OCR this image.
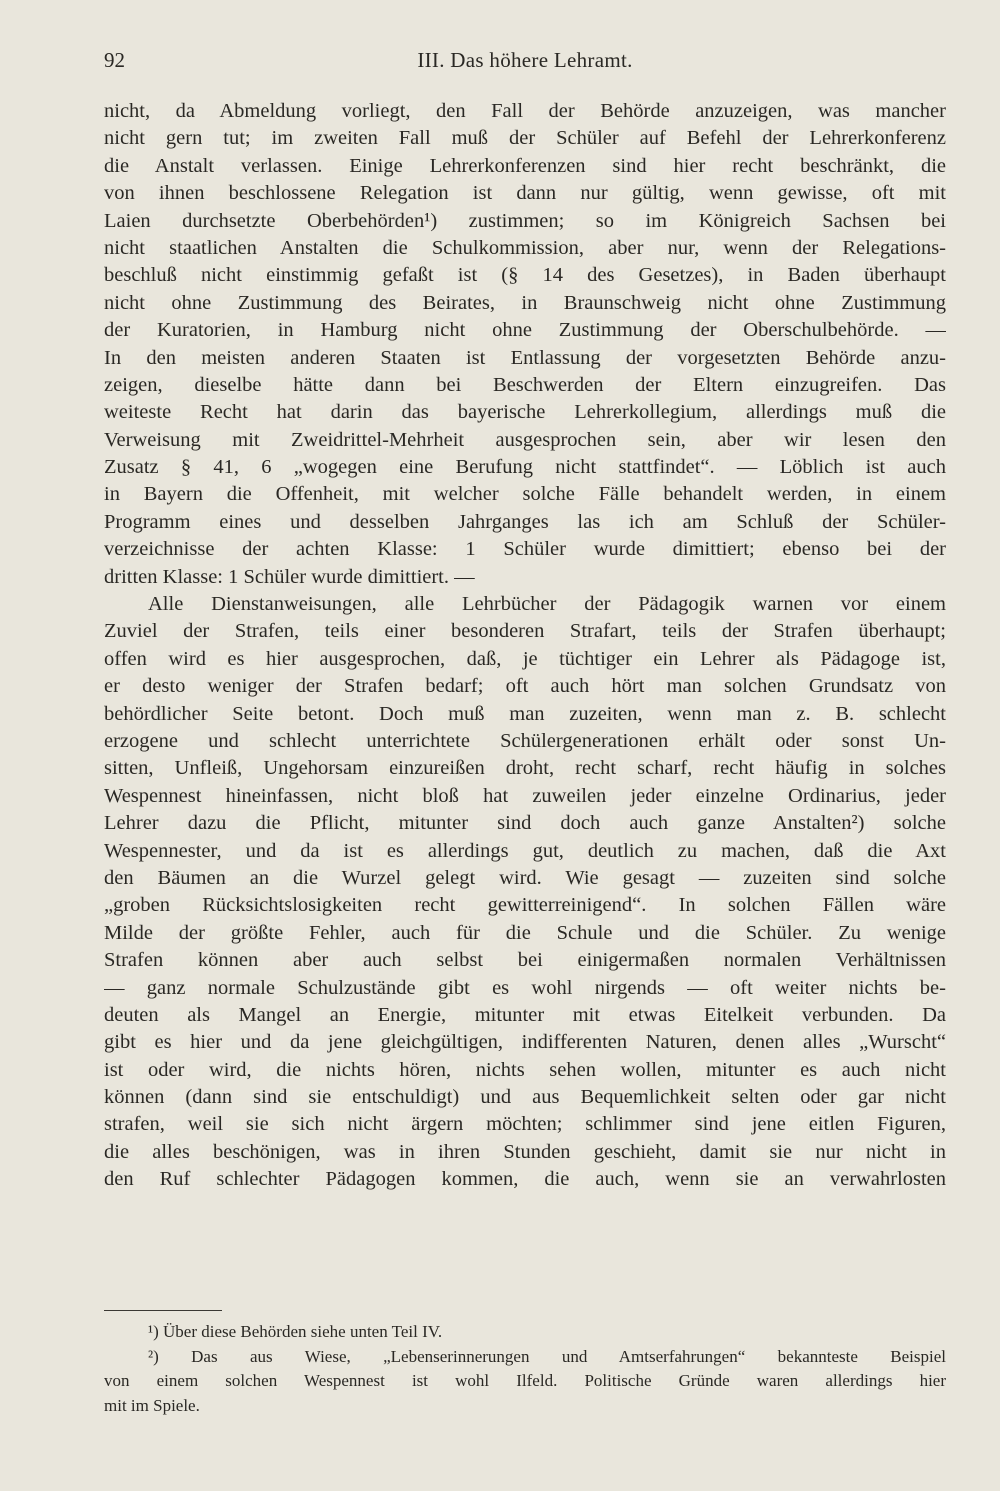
92	III. Das höhere Lehramt.
nicht, da Abmeldung vorliegt, den Fall der Behörde anzuzeigen, was mancher
nicht gern tut; im zweiten Fall muß der Schüler auf Befehl der Lehrerkonferenz
die Anstalt verlassen. Einige Lehrerkonferenzen sind hier recht beschränkt, die
von ihnen beschlossene Relegation ist dann nur gültig, wenn gewisse, oft mit
Laien durchsetzte Oberbehörden¹) zustimmen; so im Königreich Sachsen bei
nicht staatlichen Anstalten die Schulkommission, aber nur, wenn der Relegations-
beschluß nicht einstimmig gefaßt ist (§ 14 des Gesetzes), in Baden überhaupt
nicht ohne Zustimmung des Beirates, in Braunschweig nicht ohne Zustimmung
der Kuratorien, in Hamburg nicht ohne Zustimmung der Oberschulbehörde. —
In den meisten anderen Staaten ist Entlassung der vorgesetzten Behörde anzu-
zeigen, dieselbe hätte dann bei Beschwerden der Eltern einzugreifen. Das
weiteste Recht hat darin das bayerische Lehrerkollegium, allerdings muß die
Verweisung mit Zweidrittel-Mehrheit ausgesprochen sein, aber wir lesen den
Zusatz § 41, 6 „wogegen eine Berufung nicht stattfindet“. — Löblich ist auch
in Bayern die Offenheit, mit welcher solche Fälle behandelt werden, in einem
Programm eines und desselben Jahrganges las ich am Schluß der Schüler-
verzeichnisse der achten Klasse: 1 Schüler wurde dimittiert; ebenso bei der
dritten Klasse: 1 Schüler wurde dimittiert. —
Alle Dienstanweisungen, alle Lehrbücher der Pädagogik warnen vor einem
Zuviel der Strafen, teils einer besonderen Strafart, teils der Strafen überhaupt;
offen wird es hier ausgesprochen, daß, je tüchtiger ein Lehrer als Pädagoge ist,
er desto weniger der Strafen bedarf; oft auch hört man solchen Grundsatz von
behördlicher Seite betont. Doch muß man zuzeiten, wenn man z. B. schlecht
erzogene und schlecht unterrichtete Schülergenerationen erhält oder sonst Un-
sitten, Unfleiß, Ungehorsam einzureißen droht, recht scharf, recht häufig in solches
Wespennest hineinfassen, nicht bloß hat zuweilen jeder einzelne Ordinarius, jeder
Lehrer dazu die Pflicht, mitunter sind doch auch ganze Anstalten²) solche
Wespennester, und da ist es allerdings gut, deutlich zu machen, daß die Axt
den Bäumen an die Wurzel gelegt wird. Wie gesagt — zuzeiten sind solche
„groben Rücksichtslosigkeiten recht gewitterreinigend“. In solchen Fällen wäre
Milde der größte Fehler, auch für die Schule und die Schüler. Zu wenige
Strafen können aber auch selbst bei einigermaßen normalen Verhältnissen
— ganz normale Schulzustände gibt es wohl nirgends — oft weiter nichts be-
deuten als Mangel an Energie, mitunter mit etwas Eitelkeit verbunden. Da
gibt es hier und da jene gleichgültigen, indifferenten Naturen, denen alles „Wurscht“
ist oder wird, die nichts hören, nichts sehen wollen, mitunter es auch nicht
können (dann sind sie entschuldigt) und aus Bequemlichkeit selten oder gar nicht
strafen, weil sie sich nicht ärgern möchten; schlimmer sind jene eitlen Figuren,
die alles beschönigen, was in ihren Stunden geschieht, damit sie nur nicht in
den Ruf schlechter Pädagogen kommen, die auch, wenn sie an verwahrlosten
¹) Über diese Behörden siehe unten Teil IV.
²) Das aus Wiese, „Lebenserinnerungen und Amtserfahrungen“ bekannteste Beispiel
von einem solchen Wespennest ist wohl Ilfeld. Politische Gründe waren allerdings hier
mit im Spiele.
